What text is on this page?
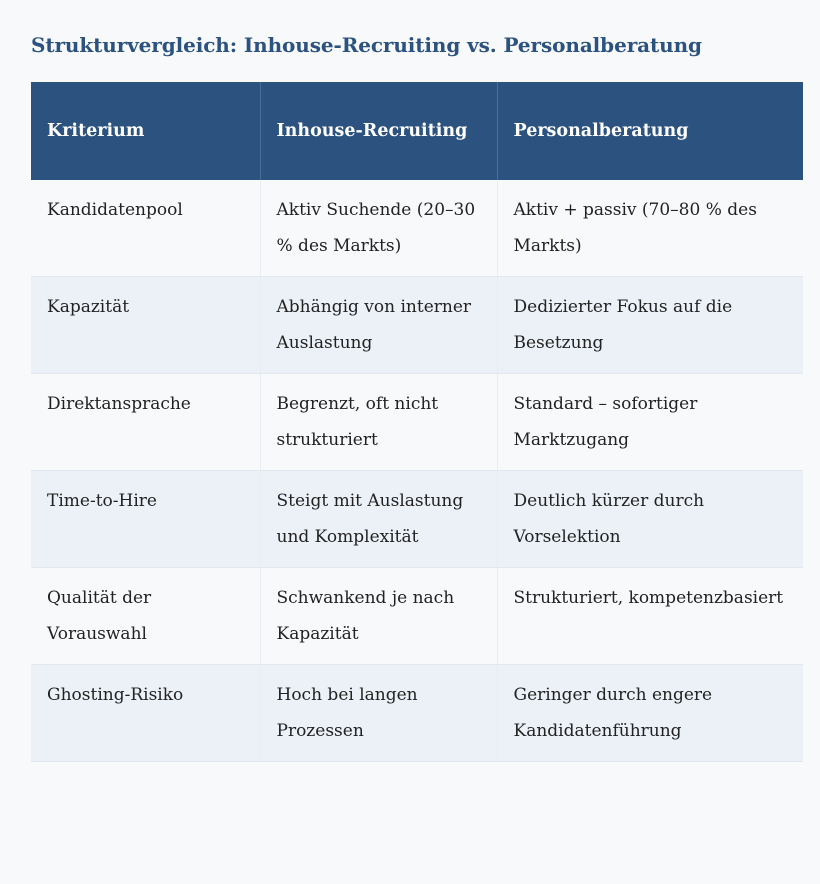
Strukturvergleich: Inhouse-Recruiting vs. Personalberatung
Kriterium	Inhouse-Recruiting	Personalberatung
Kandidatenpool	Aktiv Suchende (20–30 % des Markts)	Aktiv + passiv (70–80 % des Markts)
Kapazität	Abhängig von interner Auslastung	Dedizierter Fokus auf die Besetzung
Direktansprache	Begrenzt, oft nicht strukturiert	Standard – sofortiger Marktzugang
Time-to-Hire	Steigt mit Auslastung und Komplexität	Deutlich kürzer durch Vorselektion
Qualität der Vorauswahl	Schwankend je nach Kapazität	Strukturiert, kompetenzbasiert
Ghosting-Risiko	Hoch bei langen Prozessen	Geringer durch engere Kandidatenführung
